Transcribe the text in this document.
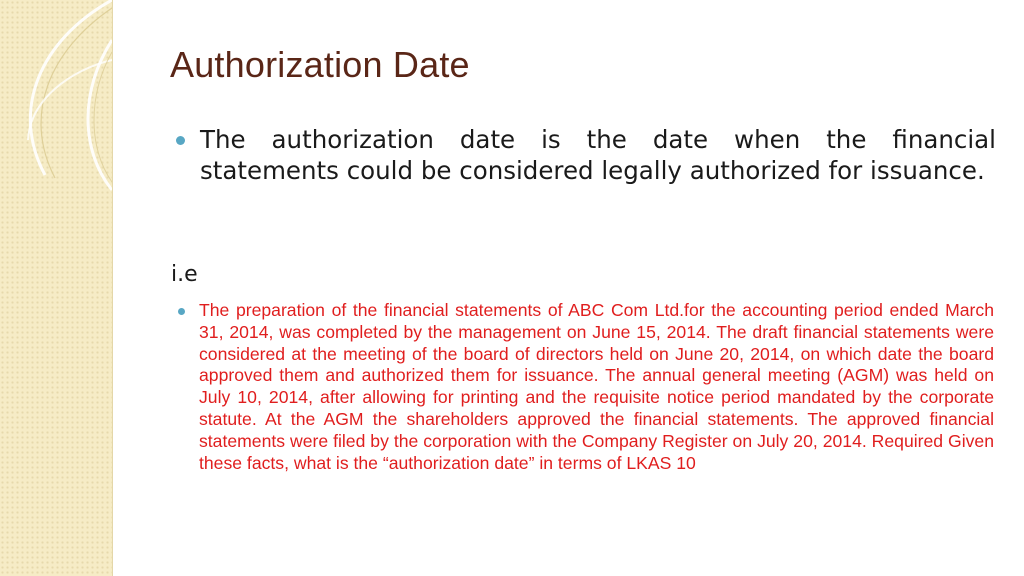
Authorization Date
The authorization date is the date when the financial statements could be considered legally authorized for issuance.
i.e
The preparation of the financial statements of ABC Com Ltd.for the accounting period ended March 31, 2014, was completed by the management on June 15, 2014. The draft financial statements were considered at the meeting of the board of directors held on June 20, 2014, on which date the board approved them and authorized them for issuance. The annual general meeting (AGM) was held on July 10, 2014, after allowing for printing and the requisite notice period mandated by the corporate statute. At the AGM the shareholders approved the financial statements. The approved financial statements were filed by the corporation with the Company Register on July 20, 2014. Required Given these facts, what is the “authorization date” in terms of LKAS 10
